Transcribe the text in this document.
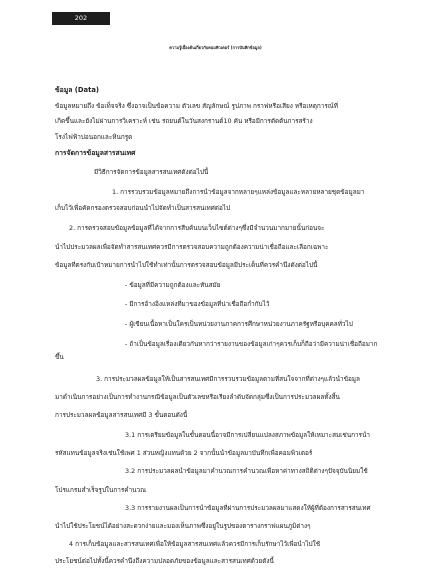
202
ความรู้เบื้องต้นเกี่ยวกับคอมพิวเตอร์ (การบันทึกข้อมูล)
ข้อมูล (Data)
ข้อมูลหมายถึง ข้อเท็จจริง ซึ่งอาจเป็นข้อความ ตัวเลข สัญลักษณ์ รูปภาพ กราฟหรือเสียง หรือเหตุการณ์ที่
เกิดขึ้นและยังไม่ผ่านการวิเคราะห์ เช่น รถยนต์ในวันสงกรานต์10 คัน หรือมีการตัดต้นการสร้าง
โรงไฟฟ้าบ่อนอกและหินกรูด
การจัดการข้อมูลสารสนเทศ
มีวิธีการจัดการข้อมูลสารสนเทศดังต่อไปนี้
1. การรวบรวมข้อมูลหมายถึงการนำข้อมูลจากหลายๆแหล่งข้อมูลและหลายหลายชุดข้อมูลมา
เก็บไว้เพื่อคัดกรองตรวจสอบก่อนนำไปจัดทำเป็นสารสนเทศต่อไป
2. การตรวจสอบข้อมูลข้อมูลที่ได้จากการสืบค้นบนเว็บไซต์ต่างๆซึ่งมีจำนวนมากมายนั้นก่อนจะ
นำไปประมวลผลเพื่อจัดทำสารสนเทศควรมีการตรวจสอบความถูกต้องความน่าเชื่อถือและเลือกเฉพาะ
ข้อมูลที่ตรงกับเป้าหมายการนำไปใช้ทำเท่านั้นการตรวจสอบข้อมูลมีประเด็นที่ควรคำนึงดังต่อไปนี้
- ข้อมูลที่มีความถูกต้องและทันสมัย
- มีการอ้างอิงแหล่งที่มาของข้อมูลที่น่าเชื่อถือกำกับไว้
- ผู้เขียนเนื้อหาเป็นใครเป็นหน่วยงานภาคการศึกษาหน่วยงานภาครัฐหรือบุคคลทั่วไป
- ถ้าเป็นข้อมูลเรื่องเดียวกันหากว่ารายงานของข้อมูลเก่าๆควรเก็บก็ถือว่ามีความน่าเชื่อถือมาก
ขึ้น
3. การประมวลผลข้อมูลให้เป็นสารสนเทศมีการรวบรวมข้อมูลตามที่สนใจจากที่ต่างๆแล้วนำข้อมูล
มาดำเนินการอย่างเป็นการทำงานกรณีข้อมูลเป็นตัวเลขหรือเรียงลำดับจัดกลุ่มซึ่งเป็นการประมวลผลทั้งสิ้น
การประมวลผลข้อมูลสารสนเทศมี 3 ขั้นตอนดังนี้
3.1 การเตรียมข้อมูลในขั้นตอนนี้อาจมีการเปลี่ยนแปลงสภาพข้อมูลให้เหมาะสมเช่นการนำ
รหัสแทนข้อมูลจริงเช่นใช้เพศ 1 ส่วนหญิงแทนด้วย 2 จากนั้นนำข้อมูลมาบันทึกเพื่อคอมพิวเตอร์
3.2 การประมวลผลนำข้อมูลมาคำนวณการคำนวณเพื่อหาค่าทางสถิติต่างๆปัจจุบันนิยมใช้
โปรแกรมสำเร็จรูปในการคำนวณ
3.3 การรายงานผลเป็นการนำข้อมูลที่ผ่านการประมวลผลมาแสดงให้ผู้ที่ต้องการสารสนเทศ
นำไปใช้ประโยชน์ได้อย่างสะดวกง่ายและมองเห็นภาพซึ่งอยู่ในรูปของตารางกราฟแผนภูมิต่างๆ
4 การเก็บข้อมูลและสารสนเทศเพื่อให้ข้อมูลสารสนเทศแล้วควรมีการเก็บรักษาไว้เพื่อนำไปใช้
ประโยชน์ต่อไปทั้งนี้ควรคำนึงถึงความปลอดภัยของข้อมูลและสารสนเทศด้วยดังนี้
